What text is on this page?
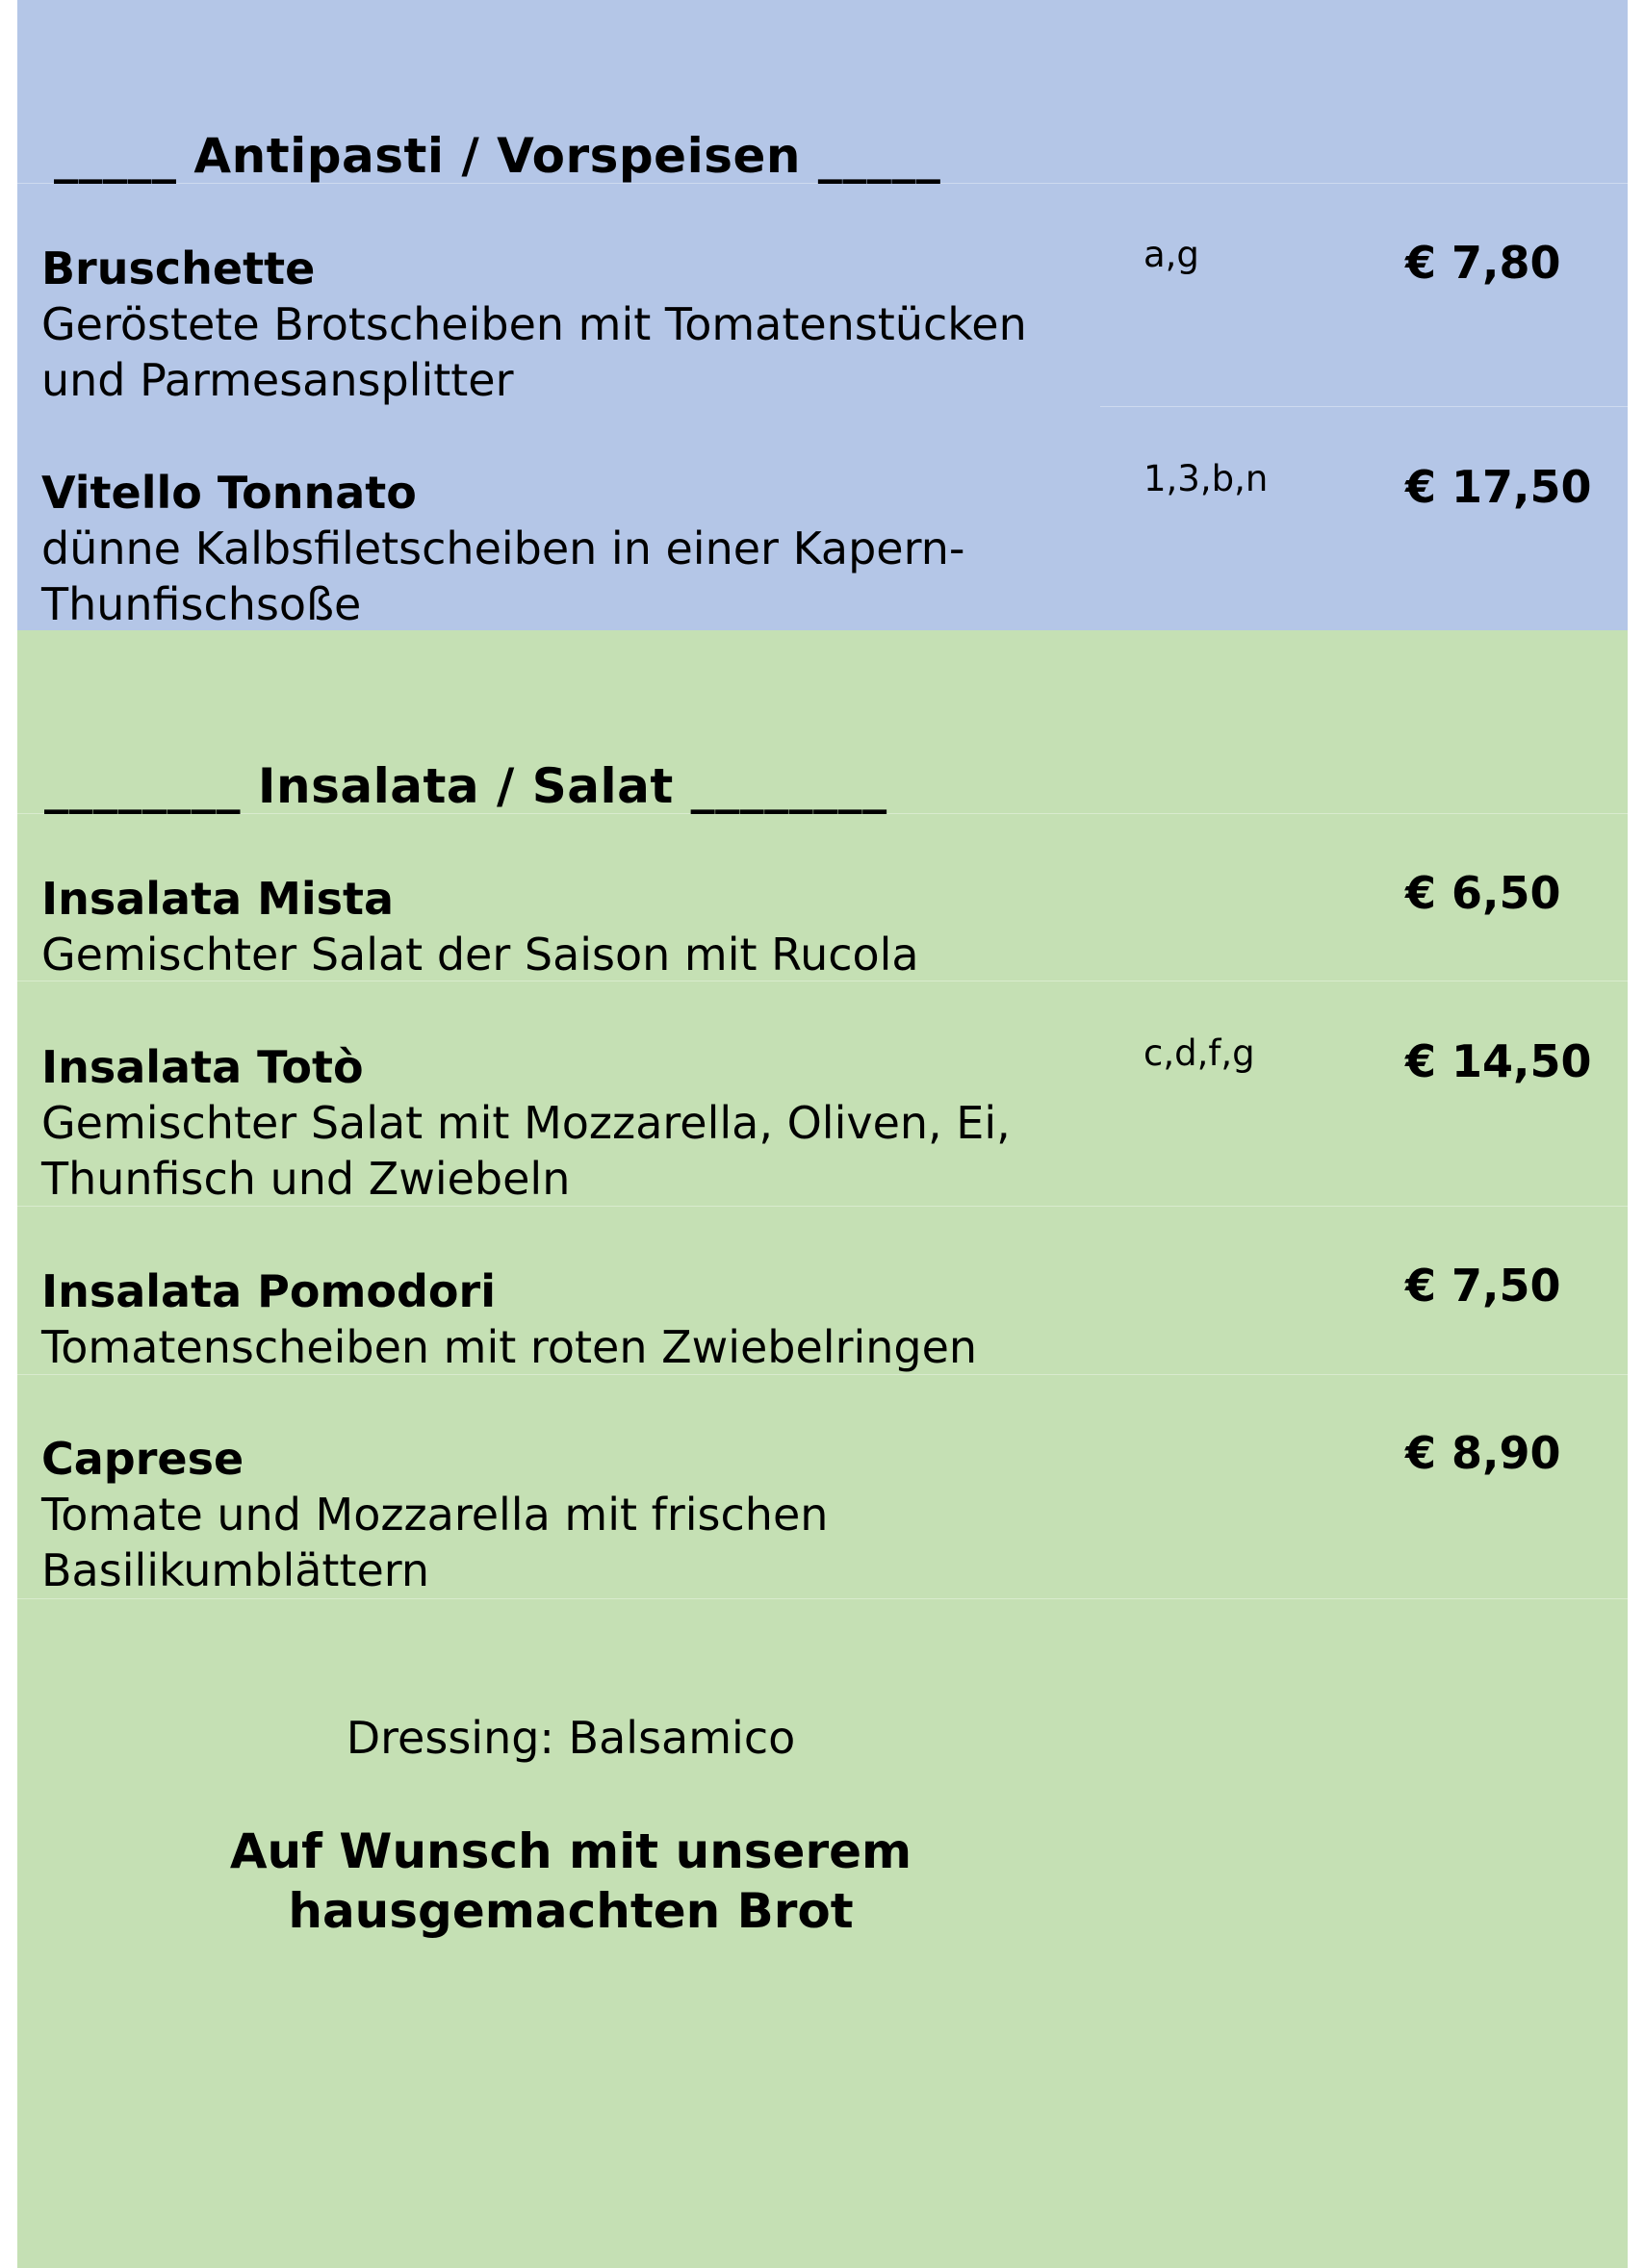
_____ Antipasti / Vorspeisen _____
Bruschette
Geröstete Brotscheiben mit Tomatenstücken und Parmesansplitter
a,g	€ 7,80
Vitello Tonnato
dünne Kalbsfiletscheiben in einer Kapern-Thunfischsoße
1,3,b,n	€ 17,50
________ Insalata / Salat ________
Insalata Mista
Gemischter Salat der Saison mit Rucola
€ 6,50
Insalata Totò
Gemischter Salat mit Mozzarella, Oliven, Ei, Thunfisch und Zwiebeln
c,d,f,g	€ 14,50
Insalata Pomodori
Tomatenscheiben mit roten Zwiebelringen
€ 7,50
Caprese
Tomate und Mozzarella mit frischen Basilikumblättern
€ 8,90
Dressing: Balsamico
Auf Wunsch mit unserem
hausgemachten Brot
